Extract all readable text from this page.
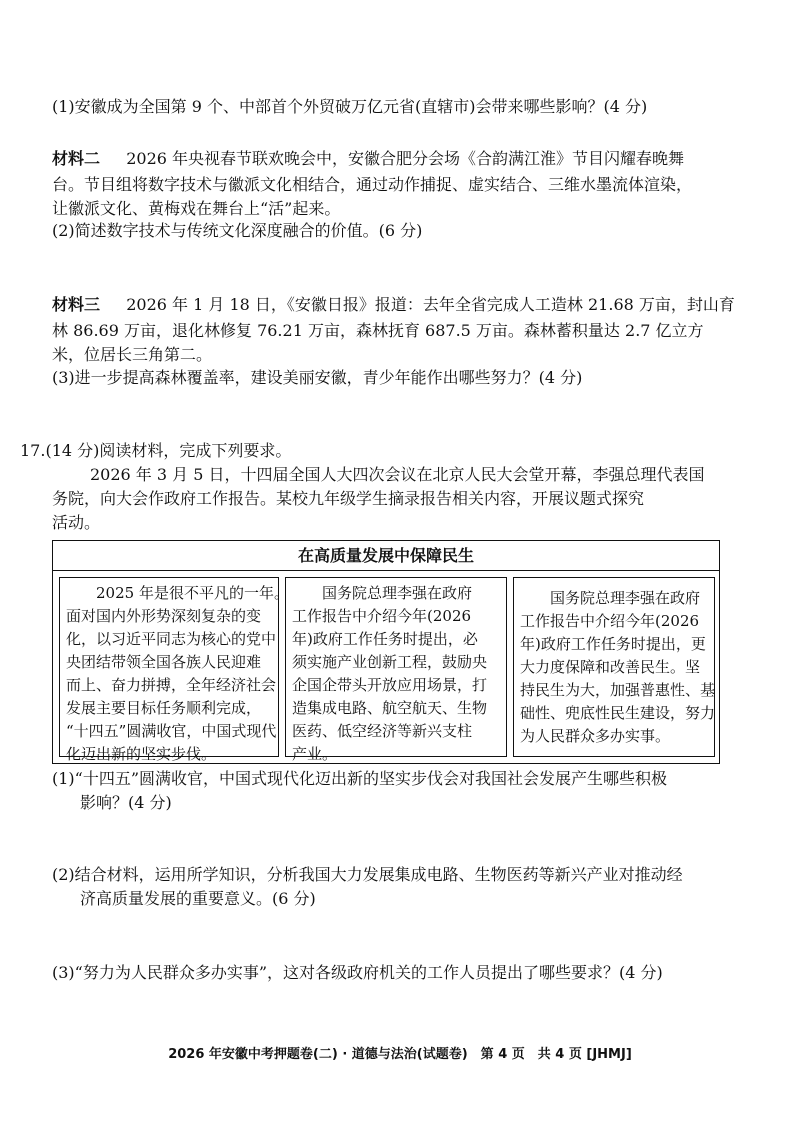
(1)安徽成为全国第 9 个、中部首个外贸破万亿元省(直辖市)会带来哪些影响？(4 分)
材料二 　 2026 年央视春节联欢晚会中，安徽合肥分会场《合韵满江淮》节目闪耀春晚舞
台。节目组将数字技术与徽派文化相结合，通过动作捕捉、虚实结合、三维水墨流体渲染，
让徽派文化、黄梅戏在舞台上“活”起来。
(2)简述数字技术与传统文化深度融合的价值。(6 分)
材料三 　 2026 年 1 月 18 日，《安徽日报》报道：去年全省完成人工造林 21.68 万亩，封山育
林 86.69 万亩，退化林修复 76.21 万亩，森林抚育 687.5 万亩。森林蓄积量达 2.7 亿立方
米，位居长三角第二。
(3)进一步提高森林覆盖率，建设美丽安徽，青少年能作出哪些努力？(4 分)
17.(14 分)阅读材料，完成下列要求。
2026 年 3 月 5 日，十四届全国人大四次会议在北京人民大会堂开幕，李强总理代表国
务院，向大会作政府工作报告。某校九年级学生摘录报告相关内容，开展议题式探究
活动。
在高质量发展中保障民生
　　2025 年是很不平凡的一年。
面对国内外形势深刻复杂的变
化，以习近平同志为核心的党中
央团结带领全国各族人民迎难
而上、奋力拼搏，全年经济社会
发展主要目标任务顺利完成，
“十四五”圆满收官，中国式现代
化迈出新的坚实步伐。
　　国务院总理李强在政府
工作报告中介绍今年(2026
年)政府工作任务时提出，必
须实施产业创新工程，鼓励央
企国企带头开放应用场景，打
造集成电路、航空航天、生物
医药、低空经济等新兴支柱
产业。
　　国务院总理李强在政府
工作报告中介绍今年(2026
年)政府工作任务时提出，更
大力度保障和改善民生。坚
持民生为大，加强普惠性、基
础性、兜底性民生建设，努力
为人民群众多办实事。
(1)“十四五”圆满收官，中国式现代化迈出新的坚实步伐会对我国社会发展产生哪些积极
影响？(4 分)
(2)结合材料，运用所学知识，分析我国大力发展集成电路、生物医药等新兴产业对推动经
济高质量发展的重要意义。(6 分)
(3)“努力为人民群众多办实事”，这对各级政府机关的工作人员提出了哪些要求？(4 分)
2026 年安徽中考押题卷(二) · 道德与法治(试题卷)　第 4 页　共 4 页 [JHMJ]
